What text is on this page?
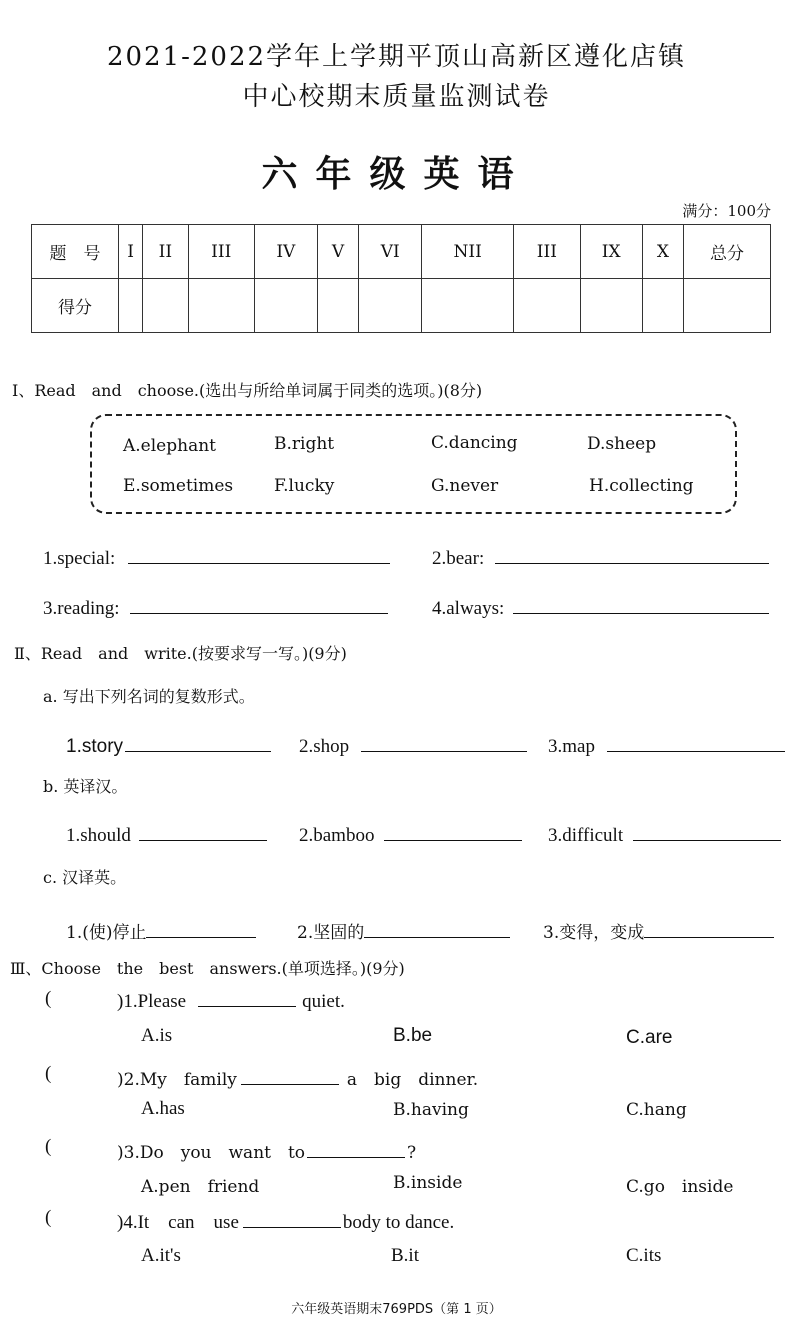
2021-2022学年上学期平顶山高新区遵化店镇
中心校期末质量监测试卷
六年级英语
满分：100分
题　号	I	II	III	IV	V	VI	NII	III	IX	X	总分
得分											
I、Read　and　choose.(选出与所给单词属于同类的选项。)(8分)
A.elephant	B.right	C.dancing	D.sheep
E.sometimes F.lucky	G.never	H.collecting
1.special:	2.bear:
3.reading:	4.always:
Ⅱ、Read　and　write.(按要求写一写。)(9分)
a. 写出下列名词的复数形式。
1.story	2.shop	3.map
b. 英译汉。
1.should	2.bamboo	3.difficult
c. 汉译英。
1.(使)停止	2.坚固的	3.变得，变成
Ⅲ、Choose　the　best　answers.(单项选择。)(9分)
(	)1.Please	quiet.
A.is	B.be	C.are
(	)2.My　family	a　big　dinner.
A.has	B.having	C.hang
(	)3.Do　you　want　to	?
A.pen　friend	B.inside	C.go　inside
(	)4.It　can　use	body to dance.
A.it's	B.it	C.its
六年级英语期末769PDS（第 1 页）
